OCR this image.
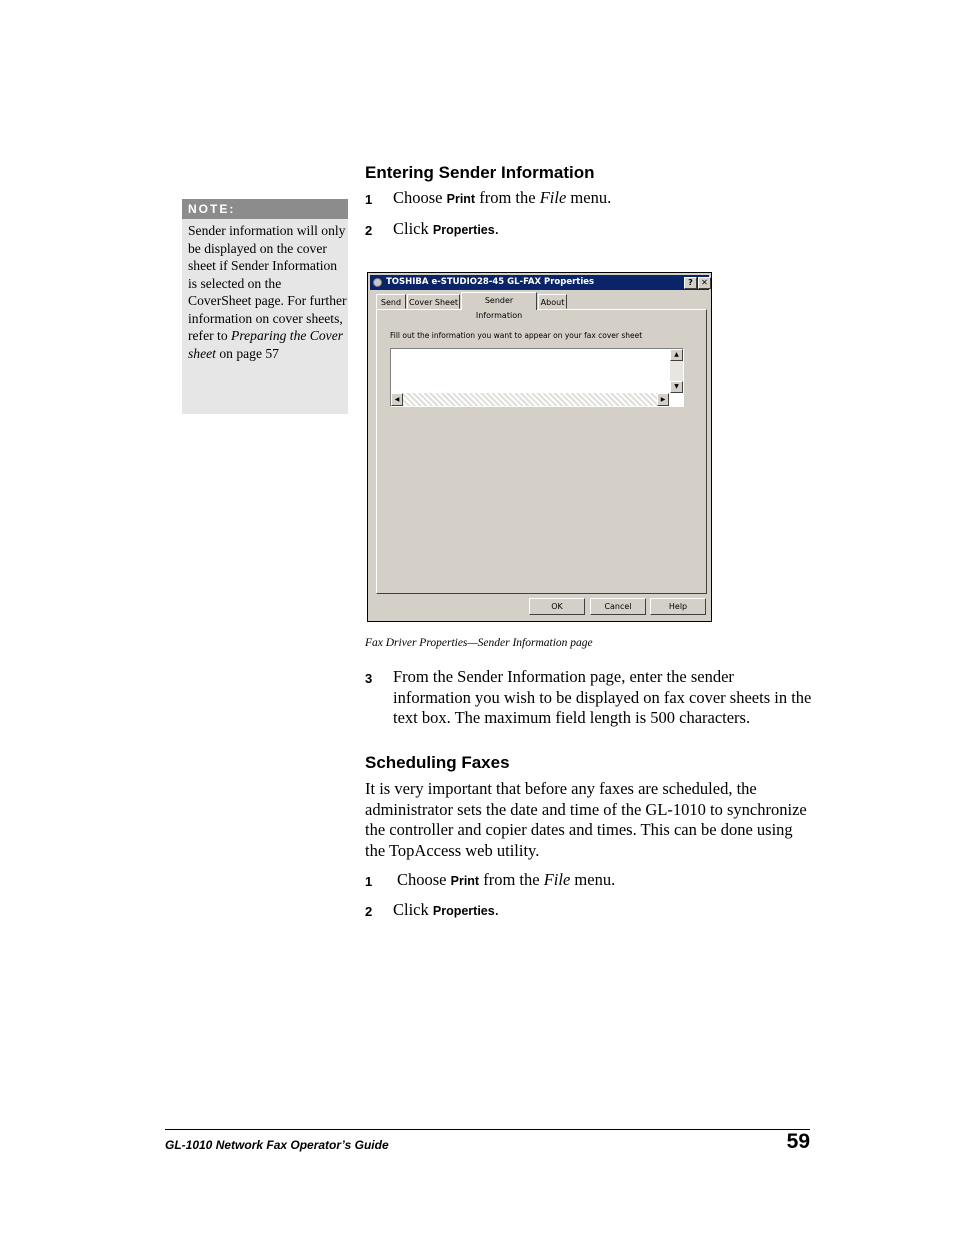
NOTE:
Sender information will only be displayed on the cover sheet if Sender Information is selected on the CoverSheet page. For further information on cover sheets, refer to Preparing the Cover sheet on page 57
Entering Sender Information
1 Choose Print from the File menu.
2 Click Properties.
TOSHIBA e-STUDIO28-45 GL-FAX Properties	?	✕
Send Cover Sheet	Sender Information
About
Fill out the information you want to appear on your fax cover sheet
▲
▼
◀	▶
OK	Cancel	Help
Fax Driver Properties—Sender Information page
3 From the Sender Information page, enter the sender information you wish to be displayed on fax cover sheets in the text box. The maximum field length is 500 characters.
Scheduling Faxes
It is very important that before any faxes are scheduled, the administrator sets the date and time of the GL-1010 to synchronize the controller and copier dates and times. This can be done using the TopAccess web utility.
1 Choose Print from the File menu.
2 Click Properties.
GL-1010 Network Fax Operator’s Guide	59
